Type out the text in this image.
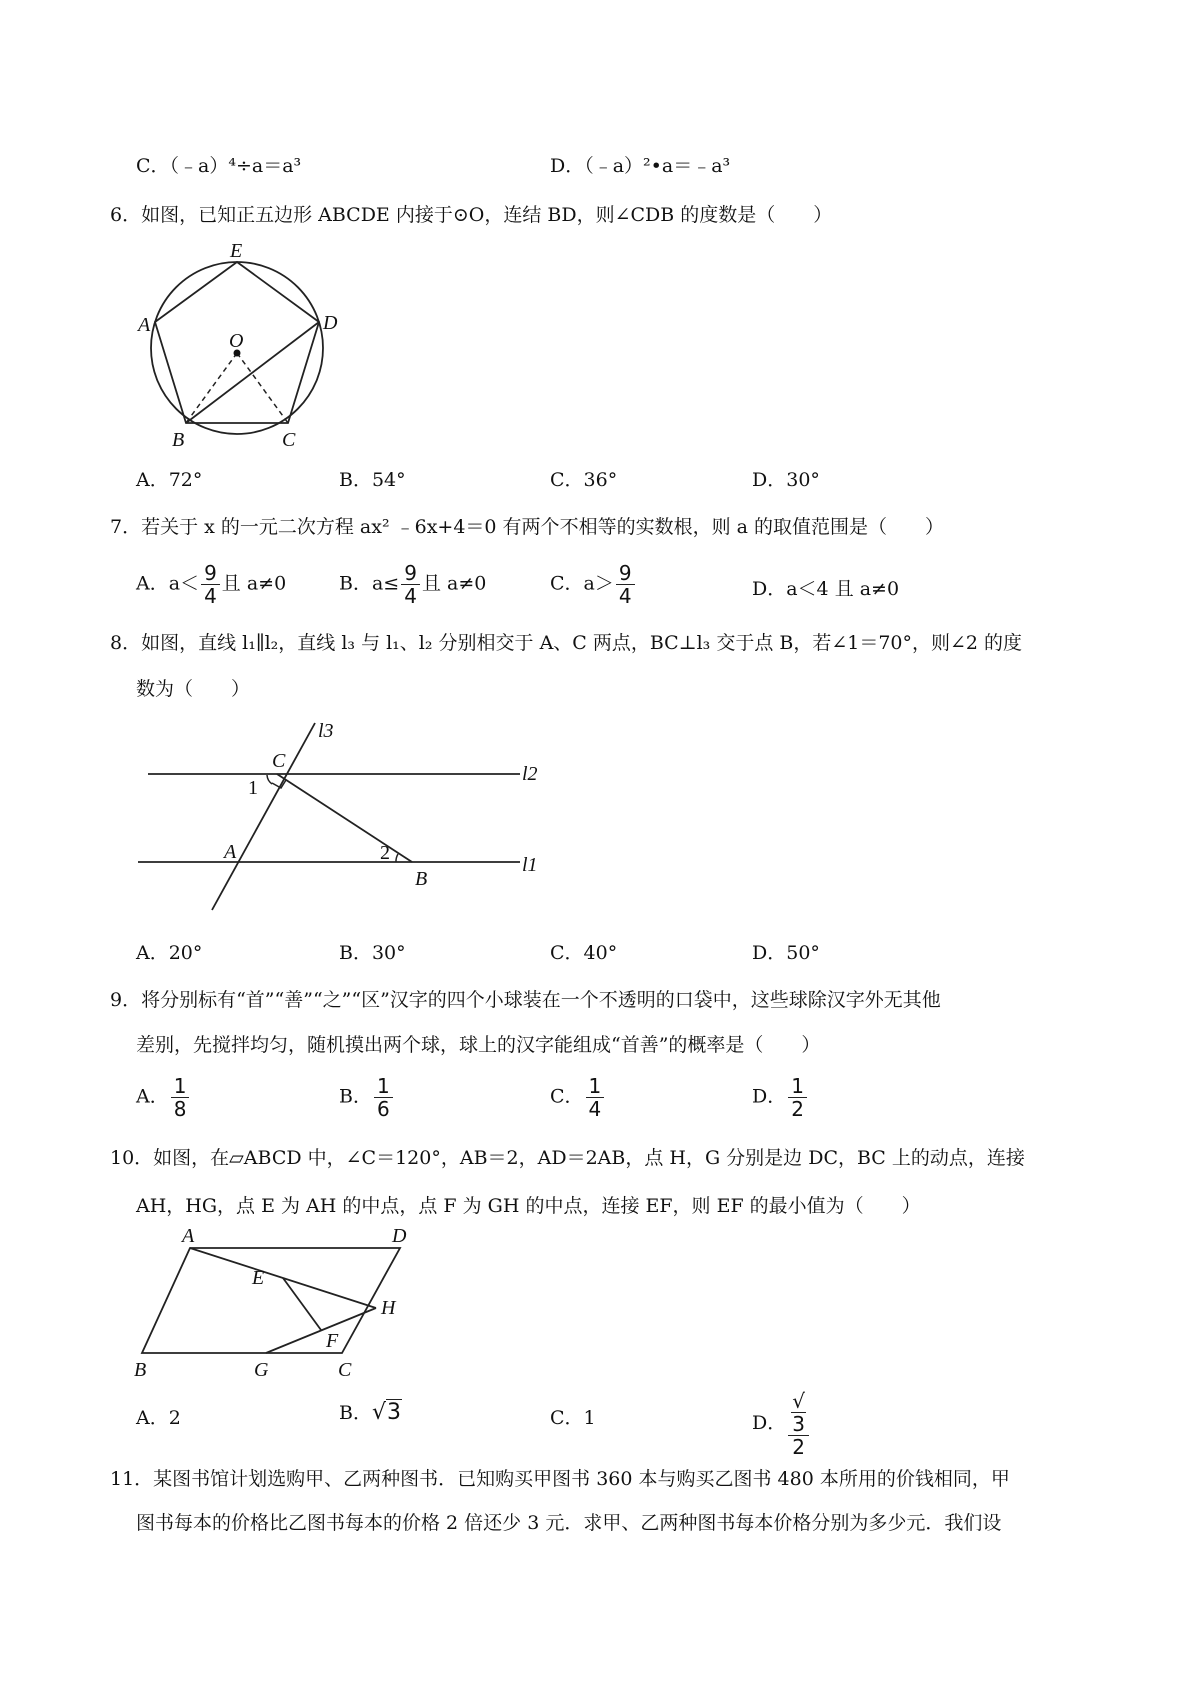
C．（﹣a）⁴÷a＝a³	D．（﹣a）²•a＝﹣a³
6．如图，已知正五边形 ABCDE 内接于⊙O，连结 BD，则∠CDB 的度数是（　　）
A
B	C
D
E
O
A．72°	B．54°	C．36°	D．30°
7．若关于 x 的一元二次方程 ax² ﹣6x+4＝0 有两个不相等的实数根，则 a 的取值范围是（　　）
A．$a< \frac{9}{4}$ 且 a≠0	B．$a\le \frac{9}{4}$ 且 a≠0	C．$a> \frac{9}{4}$	D．a＜4 且 a≠0
8．如图，直线 l₁∥l₂，直线 l₃ 与 l₁、l₂ 分别相交于 A、C 两点，BC⊥l₃ 交于点 B，若∠1＝70°，则∠2 的度
数为（　　）
l3
l2
l1
C
1
A	2
B
A．20°	B．30°	C．40°	D．50°
9．将分别标有“首”“善”“之”“区”汉字的四个小球装在一个不透明的口袋中，这些球除汉字外无其他
差别，先搅拌均匀，随机摸出两个球，球上的汉字能组成“首善”的概率是（　　）
A． $\frac{1}{8}$	B． $\frac{1}{6}$	C． $\frac{1}{4}$	D． $\frac{1}{2}$
10．如图，在▱ABCD 中，∠C＝120°，AB＝2，AD＝2AB，点 H，G 分别是边 DC，BC 上的动点，连接
AH，HG，点 E 为 AH 的中点，点 F 为 GH 的中点，连接 EF，则 EF 的最小值为（　　）
A	D
E
H
F
B	G	C
A．2	B．√3	C．1	D． √
3
2
11．某图书馆计划选购甲、乙两种图书．已知购买甲图书 360 本与购买乙图书 480 本所用的价钱相同，甲
图书每本的价格比乙图书每本的价格 2 倍还少 3 元．求甲、乙两种图书每本价格分别为多少元．我们设
